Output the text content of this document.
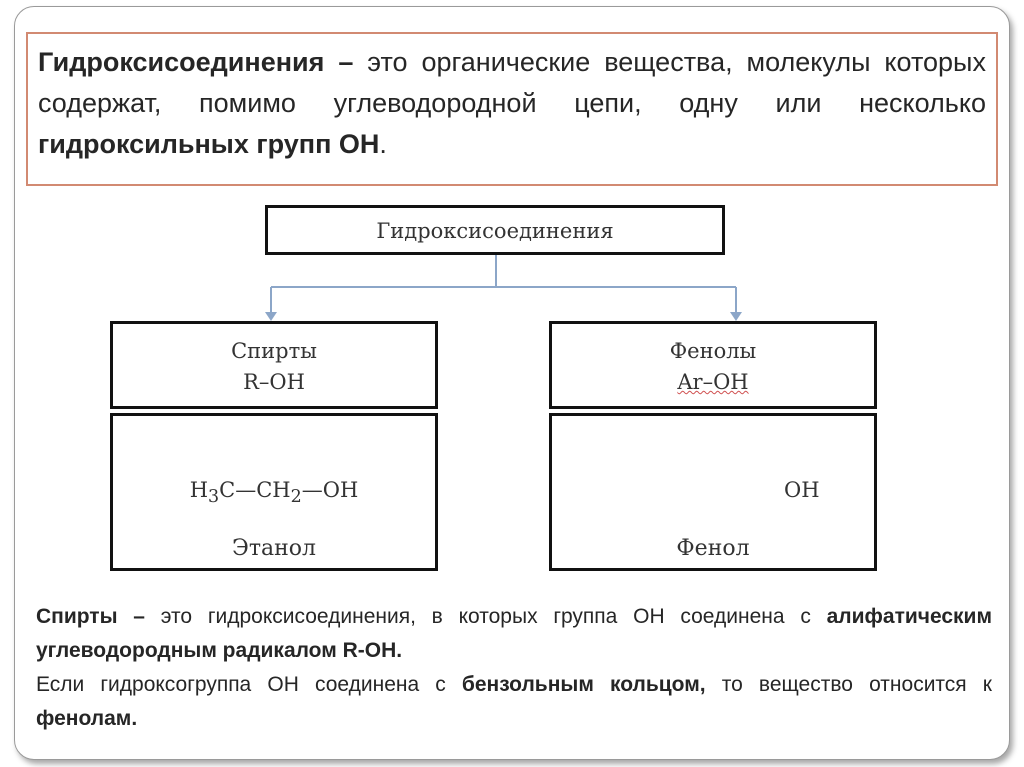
Гидроксисоединения – это органические вещества, молекулы которых содержат, помимо углеводородной цепи, одну или несколько гидроксильных групп ОН.
Гидроксисоединения
Спирты
R–OH
Фенолы
Ar–OH
$H_3C—CH_2—OH$
Этанол	Фенол
OH
Спирты – это гидроксисоединения, в которых группа ОН соединена с алифатическим углеводородным радикалом R-OH.
Если гидроксогруппа ОН соединена с бензольным кольцом, то вещество относится к фенолам.
